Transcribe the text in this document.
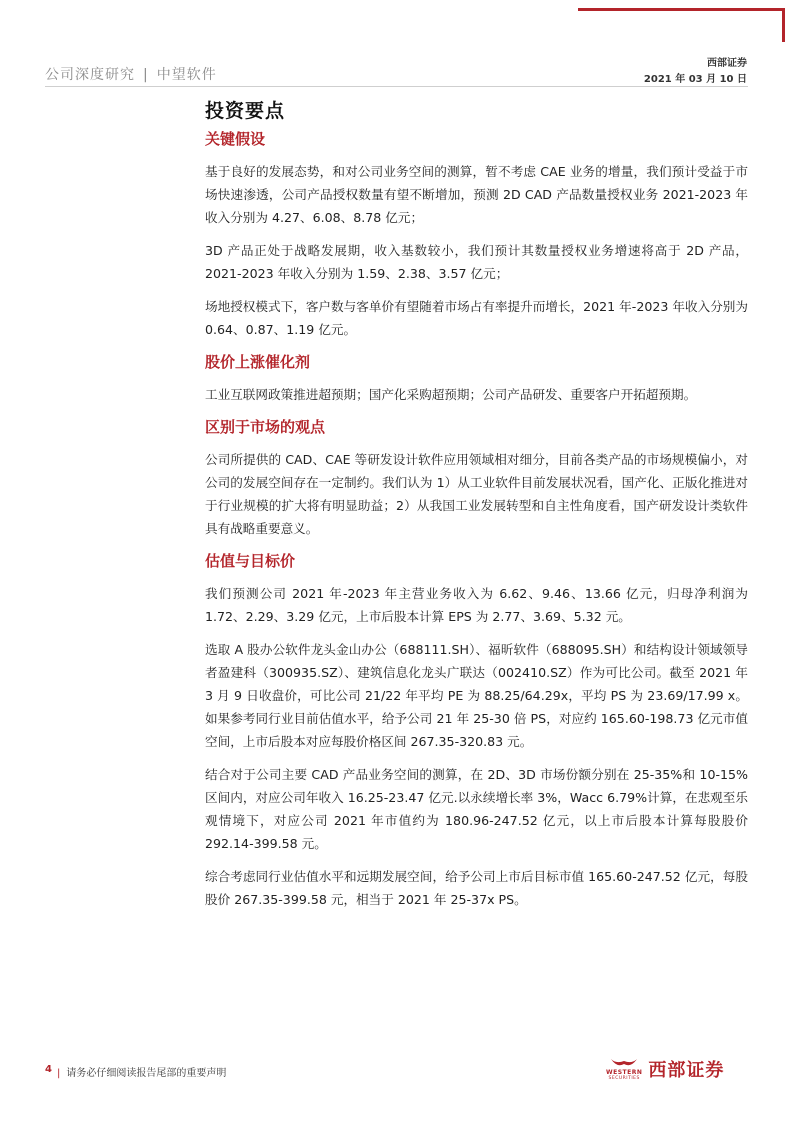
公司深度研究 | 中望软件
西部证券
2021 年 03 月 10 日
投资要点
关键假设

基于良好的发展态势，和对公司业务空间的测算，暂不考虑 CAE 业务的增量，我们预计受益于市场快速渗透，公司产品授权数量有望不断增加，预测 2D CAD 产品数量授权业务 2021-2023 年收入分别为 4.27、6.08、8.78 亿元；

3D 产品正处于战略发展期，收入基数较小，我们预计其数量授权业务增速将高于 2D 产品，2021-2023 年收入分别为 1.59、2.38、3.57 亿元；

场地授权模式下，客户数与客单价有望随着市场占有率提升而增长，2021 年-2023 年收入分别为 0.64、0.87、1.19 亿元。

股价上涨催化剂

工业互联网政策推进超预期；国产化采购超预期；公司产品研发、重要客户开拓超预期。

区别于市场的观点

公司所提供的 CAD、CAE 等研发设计软件应用领域相对细分，目前各类产品的市场规模偏小，对公司的发展空间存在一定制约。我们认为 1）从工业软件目前发展状况看，国产化、正版化推进对于行业规模的扩大将有明显助益；2）从我国工业发展转型和自主性角度看，国产研发设计类软件具有战略重要意义。

估值与目标价

我们预测公司 2021 年-2023 年主营业务收入为 6.62、9.46、13.66 亿元，归母净利润为 1.72、2.29、3.29 亿元，上市后股本计算 EPS 为 2.77、3.69、5.32 元。

选取 A 股办公软件龙头金山办公（688111.SH）、福昕软件（688095.SH）和结构设计领域领导者盈建科（300935.SZ）、建筑信息化龙头广联达（002410.SZ）作为可比公司。截至 2021 年 3 月 9 日收盘价，可比公司 21/22 年平均 PE 为 88.25/64.29x，平均 PS 为 23.69/17.99 x。如果参考同行业目前估值水平，给予公司 21 年 25-30 倍 PS，对应约 165.60-198.73 亿元市值空间，上市后股本对应每股价格区间 267.35-320.83 元。

结合对于公司主要 CAD 产品业务空间的测算，在 2D、3D 市场份额分别在 25-35%和 10-15%区间内，对应公司年收入 16.25-23.47 亿元.以永续增长率 3%，Wacc 6.79%计算，在悲观至乐观情境下，对应公司 2021 年市值约为 180.96-247.52 亿元，以上市后股本计算每股股价 292.14-399.58 元。

综合考虑同行业估值水平和远期发展空间，给予公司上市后目标市值 165.60-247.52 亿元，每股股价 267.35-399.58 元，相当于 2021 年 25-37x PS。

4 | 请务必仔细阅读报告尾部的重要声明	WESTERN
SECURITIES 西部证券
